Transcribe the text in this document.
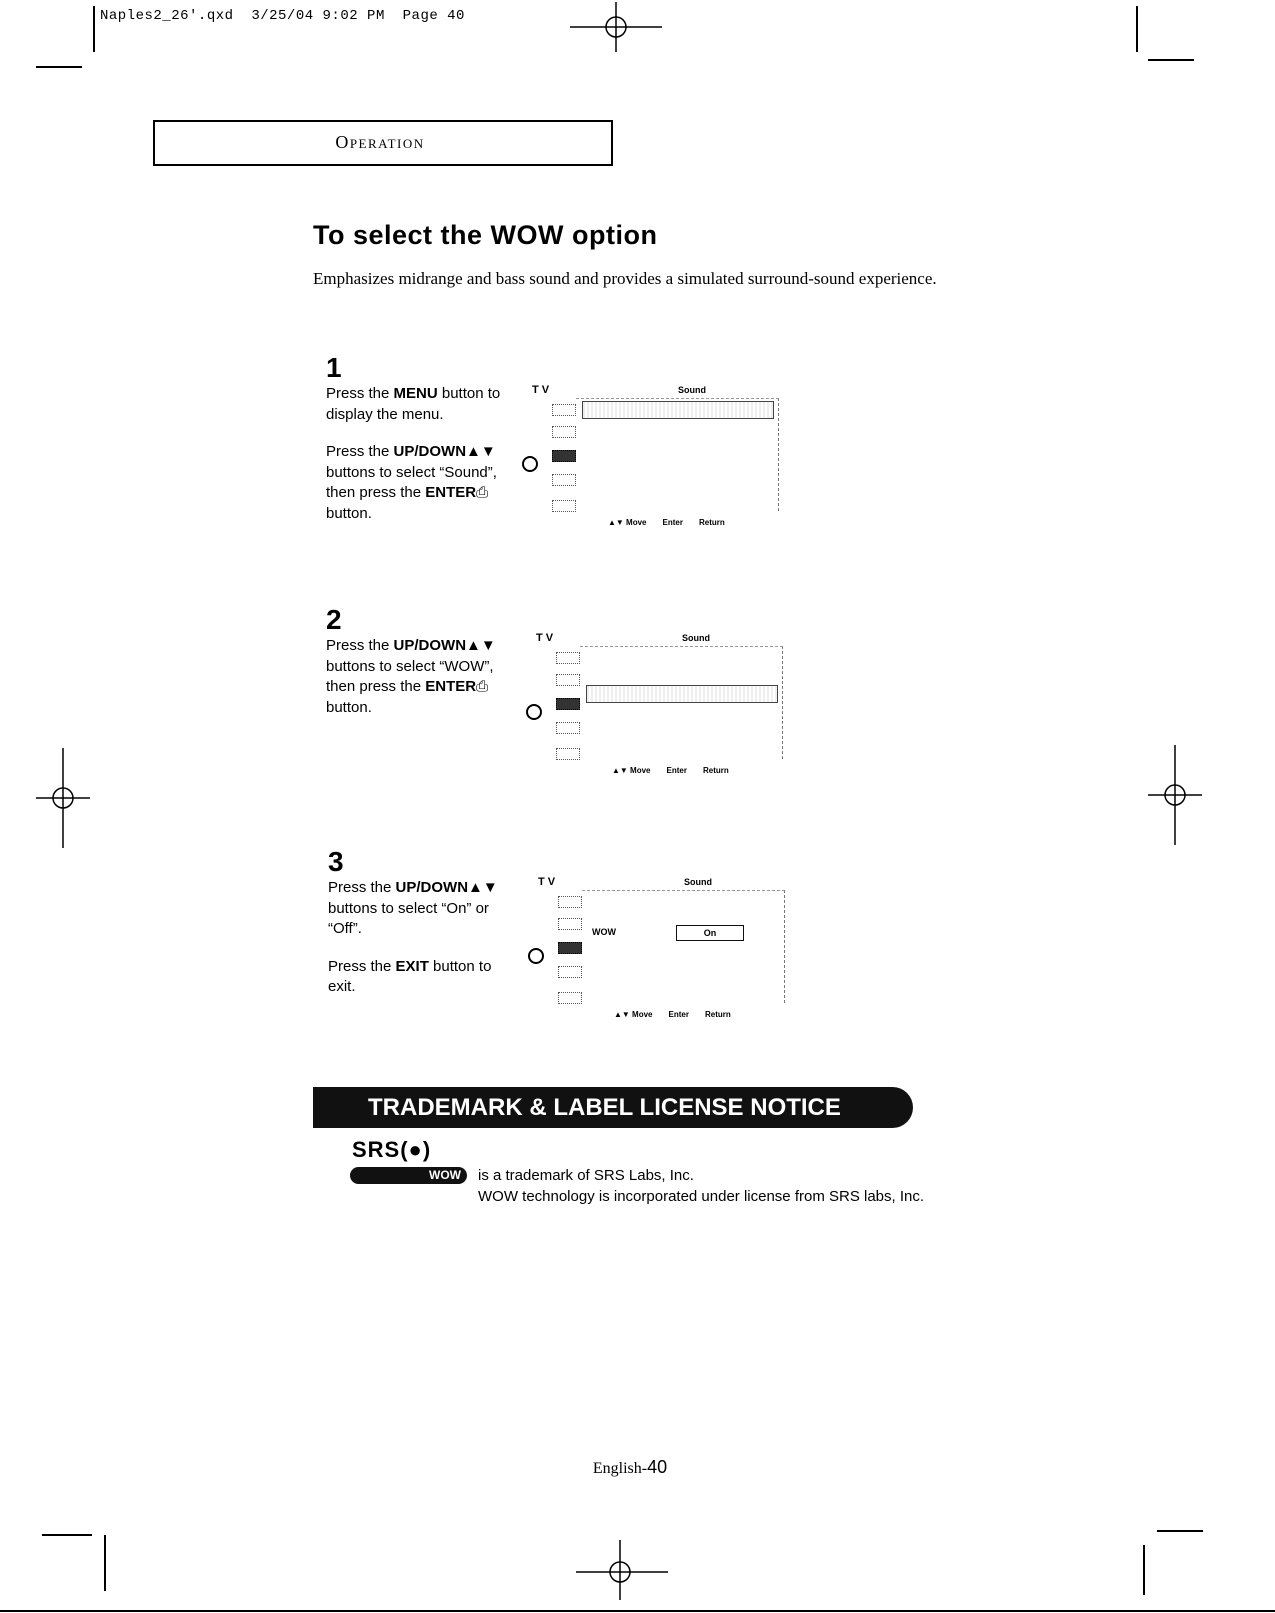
Naples2_26'.qxd  3/25/04 9:02 PM  Page 40
Operation
To select the WOW option
Emphasizes midrange and bass sound and provides a simulated surround-sound experience.
1

Press the MENU button to display the menu.

Press the UP/DOWN▲▼ buttons to select “Sound”, then press the ENTER⎙ button.

TV	Sound
▲▼ Move Enter Return
2

Press the UP/DOWN▲▼ buttons to select “WOW”, then press the ENTER⎙ button.

TV	Sound
▲▼ Move Enter Return
3

Press the UP/DOWN▲▼ buttons to select “On” or “Off”.

Press the EXIT button to exit.

TV	Sound
WOW	On
▲▼ Move Enter Return
TRADEMARK & LABEL LICENSE NOTICE
SRS(●)
WOW	is a trademark of SRS Labs, Inc.
WOW technology is incorporated under license from SRS labs, Inc.
English-40
